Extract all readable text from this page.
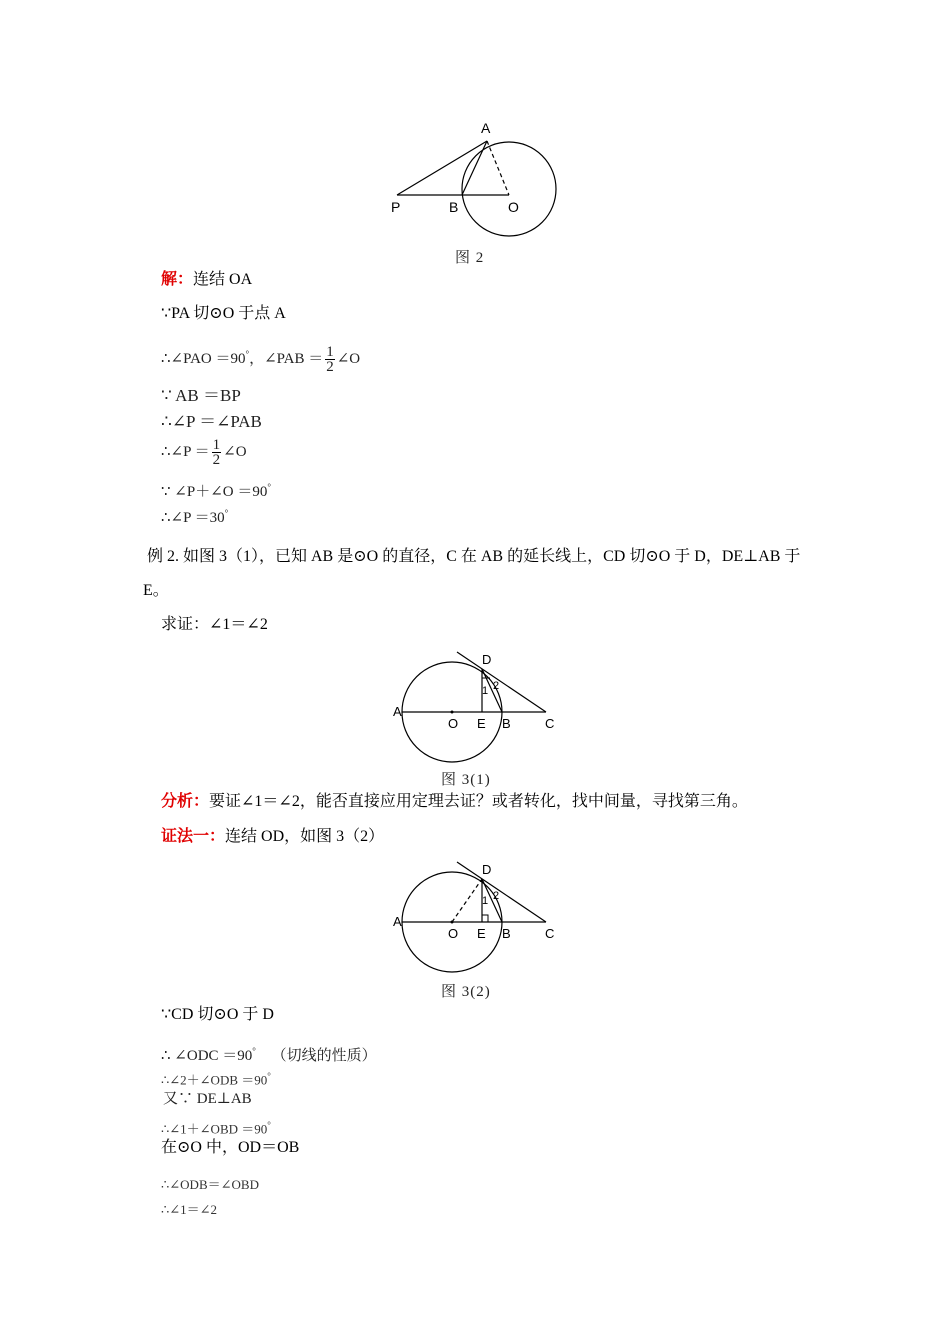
A
P	B	O
图 2
解：连结 OA
∵PA 切⊙O 于点 A
∴∠PAO ＝90°，∠PAB ＝ $\frac{1}{2}$ ∠O
∵ AB ＝BP
∴∠P ＝∠PAB
∴∠P ＝ $\frac{1}{2}$ ∠O
∵ ∠P＋∠O ＝90°
∴∠P ＝30°
例 2. 如图 3（1），已知 AB 是⊙O 的直径，C 在 AB 的延长线上，CD 切⊙O 于 D，DE⊥AB 于
E。
求证：∠1＝∠2
D
1 2
A
O E B	C
图 3(1)
分析：要证∠1＝∠2，能否直接应用定理去证？或者转化，找中间量，寻找第三角。
证法一：连结 OD，如图 3（2）
D
1 2
A
O E B	C
图 3(2)
∵CD 切⊙O 于 D
∴ ∠ODC ＝90° （切线的性质）
∴∠2＋∠ODB ＝90°
又∵ DE⊥AB
∴∠1＋∠OBD ＝90°
在⊙O 中，OD＝OB
∴∠ODB＝∠OBD
∴∠1＝∠2
